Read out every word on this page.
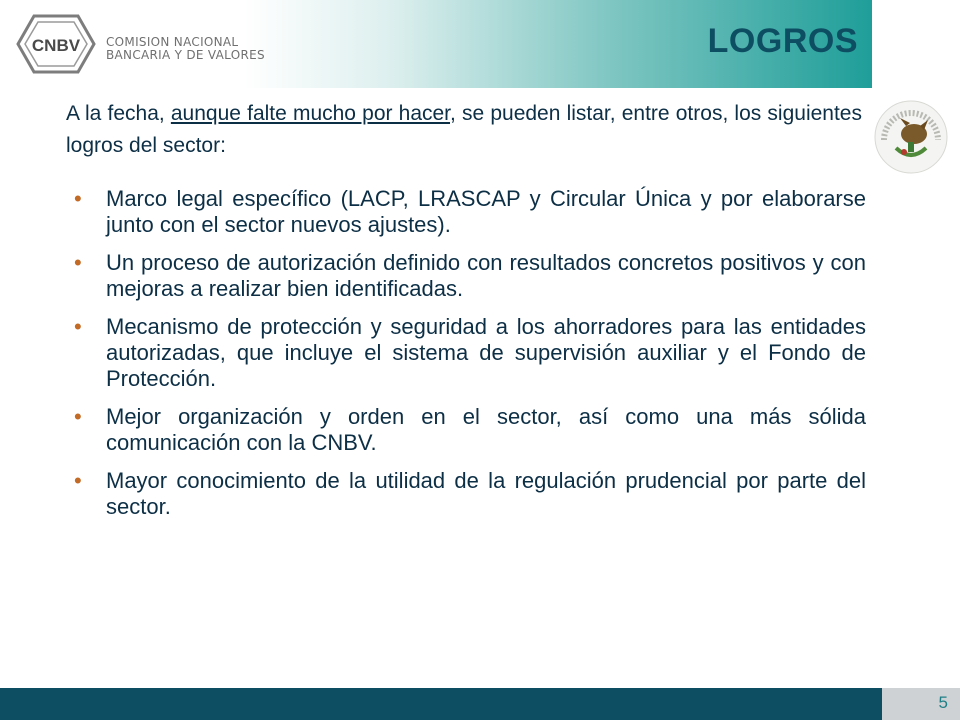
CNBV COMISION NACIONAL
BANCARIA Y DE VALORES	LOGROS
A la fecha, aunque falte mucho por hacer, se pueden listar, entre otros, los siguientes logros del sector:
• Marco legal específico (LACP, LRASCAP y Circular Única y por elaborarse junto con el sector nuevos ajustes).
• Un proceso de autorización definido con resultados concretos positivos y con mejoras a realizar bien identificadas.
• Mecanismo de protección y seguridad a los ahorradores para las entidades autorizadas, que incluye el sistema de supervisión auxiliar y el Fondo de Protección.
• Mejor organización y orden en el sector, así como una más sólida comunicación con la CNBV.
• Mayor conocimiento de la utilidad de la regulación prudencial por parte del sector.
5
